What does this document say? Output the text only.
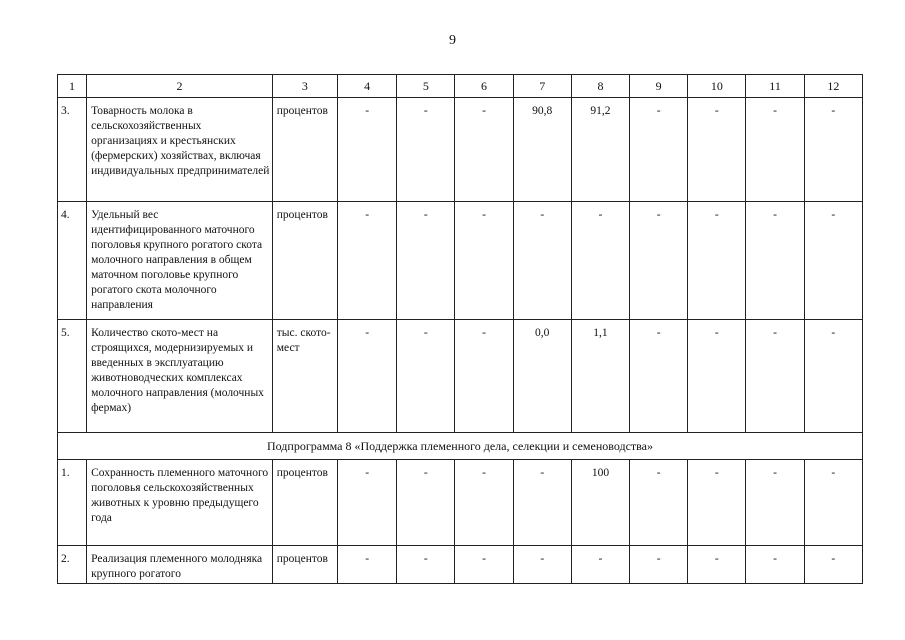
9
1	2	3	4	5	6	7	8	9	10	11	12
3.	Товарность молока в сельскохозяйственных организациях и крестьянских (фермерских) хозяйствах, включая индивидуальных предпринимателей	процентов	-	-	-	90,8	91,2	-	-	-	-
4.	Удельный вес идентифицированного маточного поголовья крупного рогатого скота молочного направления в общем маточном поголовье крупного рогатого скота молочного направления	процентов	-	-	-	-	-	-	-	-	-
5.	Количество ското-мест на строящихся, модернизируемых и введенных в эксплуатацию животноводческих комплексах молочного направления (молочных фермах)	тыс. ското-мест	-	-	-	0,0	1,1	-	-	-	-
Подпрограмма 8 «Поддержка племенного дела, селекции и семеноводства»											
1.	Сохранность племенного маточного поголовья сельскохозяйственных животных к уровню предыдущего года	процентов	-	-	-	-	100	-	-	-	-
2.	Реализация племенного молодняка крупного рогатого	процентов	-	-	-	-	-	-	-	-	-
